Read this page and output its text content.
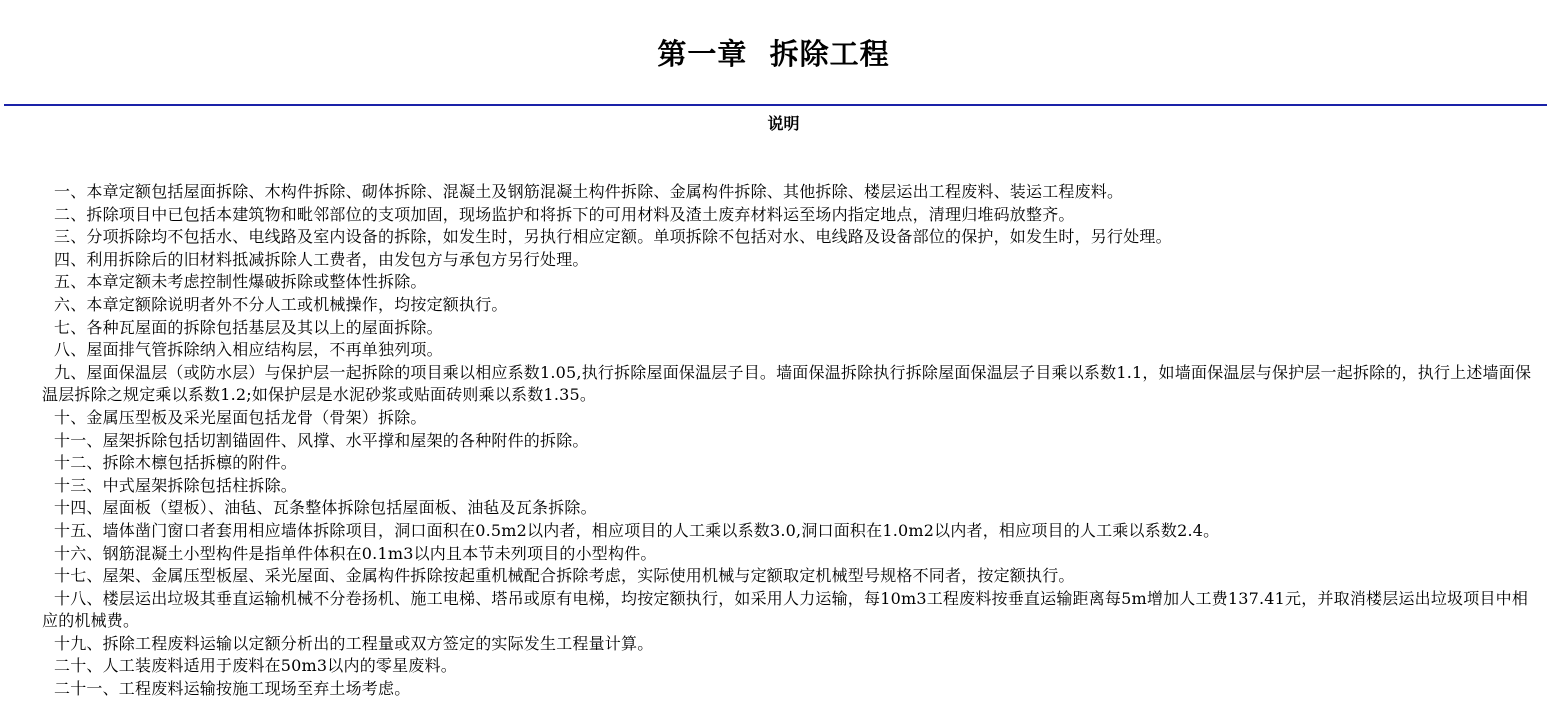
第一章  拆除工程
说明
一、本章定额包括屋面拆除、木构件拆除、砌体拆除、混凝土及钢筋混凝土构件拆除、金属构件拆除、其他拆除、楼层运出工程废料、装运工程废料。
二、拆除项目中已包括本建筑物和毗邻部位的支项加固，现场监护和将拆下的可用材料及渣土废弃材料运至场内指定地点，清理归堆码放整齐。
三、分项拆除均不包括水、电线路及室内设备的拆除，如发生时，另执行相应定额。单项拆除不包括对水、电线路及设备部位的保护，如发生时，另行处理。
四、利用拆除后的旧材料抵减拆除人工费者，由发包方与承包方另行处理。
五、本章定额未考虑控制性爆破拆除或整体性拆除。
六、本章定额除说明者外不分人工或机械操作，均按定额执行。
七、各种瓦屋面的拆除包括基层及其以上的屋面拆除。
八、屋面排气管拆除纳入相应结构层，不再单独列项。
九、屋面保温层（或防水层）与保护层一起拆除的项目乘以相应系数1.05,执行拆除屋面保温层子目。墙面保温拆除执行拆除屋面保温层子目乘以系数1.1，如墙面保温层与保护层一起拆除的，执行上述墙面保温层拆除之规定乘以系数1.2;如保护层是水泥砂浆或贴面砖则乘以系数1.35。
十、金属压型板及采光屋面包括龙骨（骨架）拆除。
十一、屋架拆除包括切割锚固件、风撑、水平撑和屋架的各种附件的拆除。
十二、拆除木檩包括拆檩的附件。
十三、中式屋架拆除包括柱拆除。
十四、屋面板（望板）、油毡、瓦条整体拆除包括屋面板、油毡及瓦条拆除。
十五、墙体凿门窗口者套用相应墙体拆除项目，洞口面积在0.5m2以内者，相应项目的人工乘以系数3.0,洞口面积在1.0m2以内者，相应项目的人工乘以系数2.4。
十六、钢筋混凝土小型构件是指单件体积在0.1m3以内且本节未列项目的小型构件。
十七、屋架、金属压型板屋、采光屋面、金属构件拆除按起重机械配合拆除考虑，实际使用机械与定额取定机械型号规格不同者，按定额执行。
十八、楼层运出垃圾其垂直运输机械不分卷扬机、施工电梯、塔吊或原有电梯，均按定额执行，如采用人力运输，每10m3工程废料按垂直运输距离每5m增加人工费137.41元，并取消楼层运出垃圾项目中相应的机械费。
十九、拆除工程废料运输以定额分析出的工程量或双方签定的实际发生工程量计算。
二十、人工装废料适用于废料在50m3以内的零星废料。
二十一、工程废料运输按施工现场至弃土场考虑。
